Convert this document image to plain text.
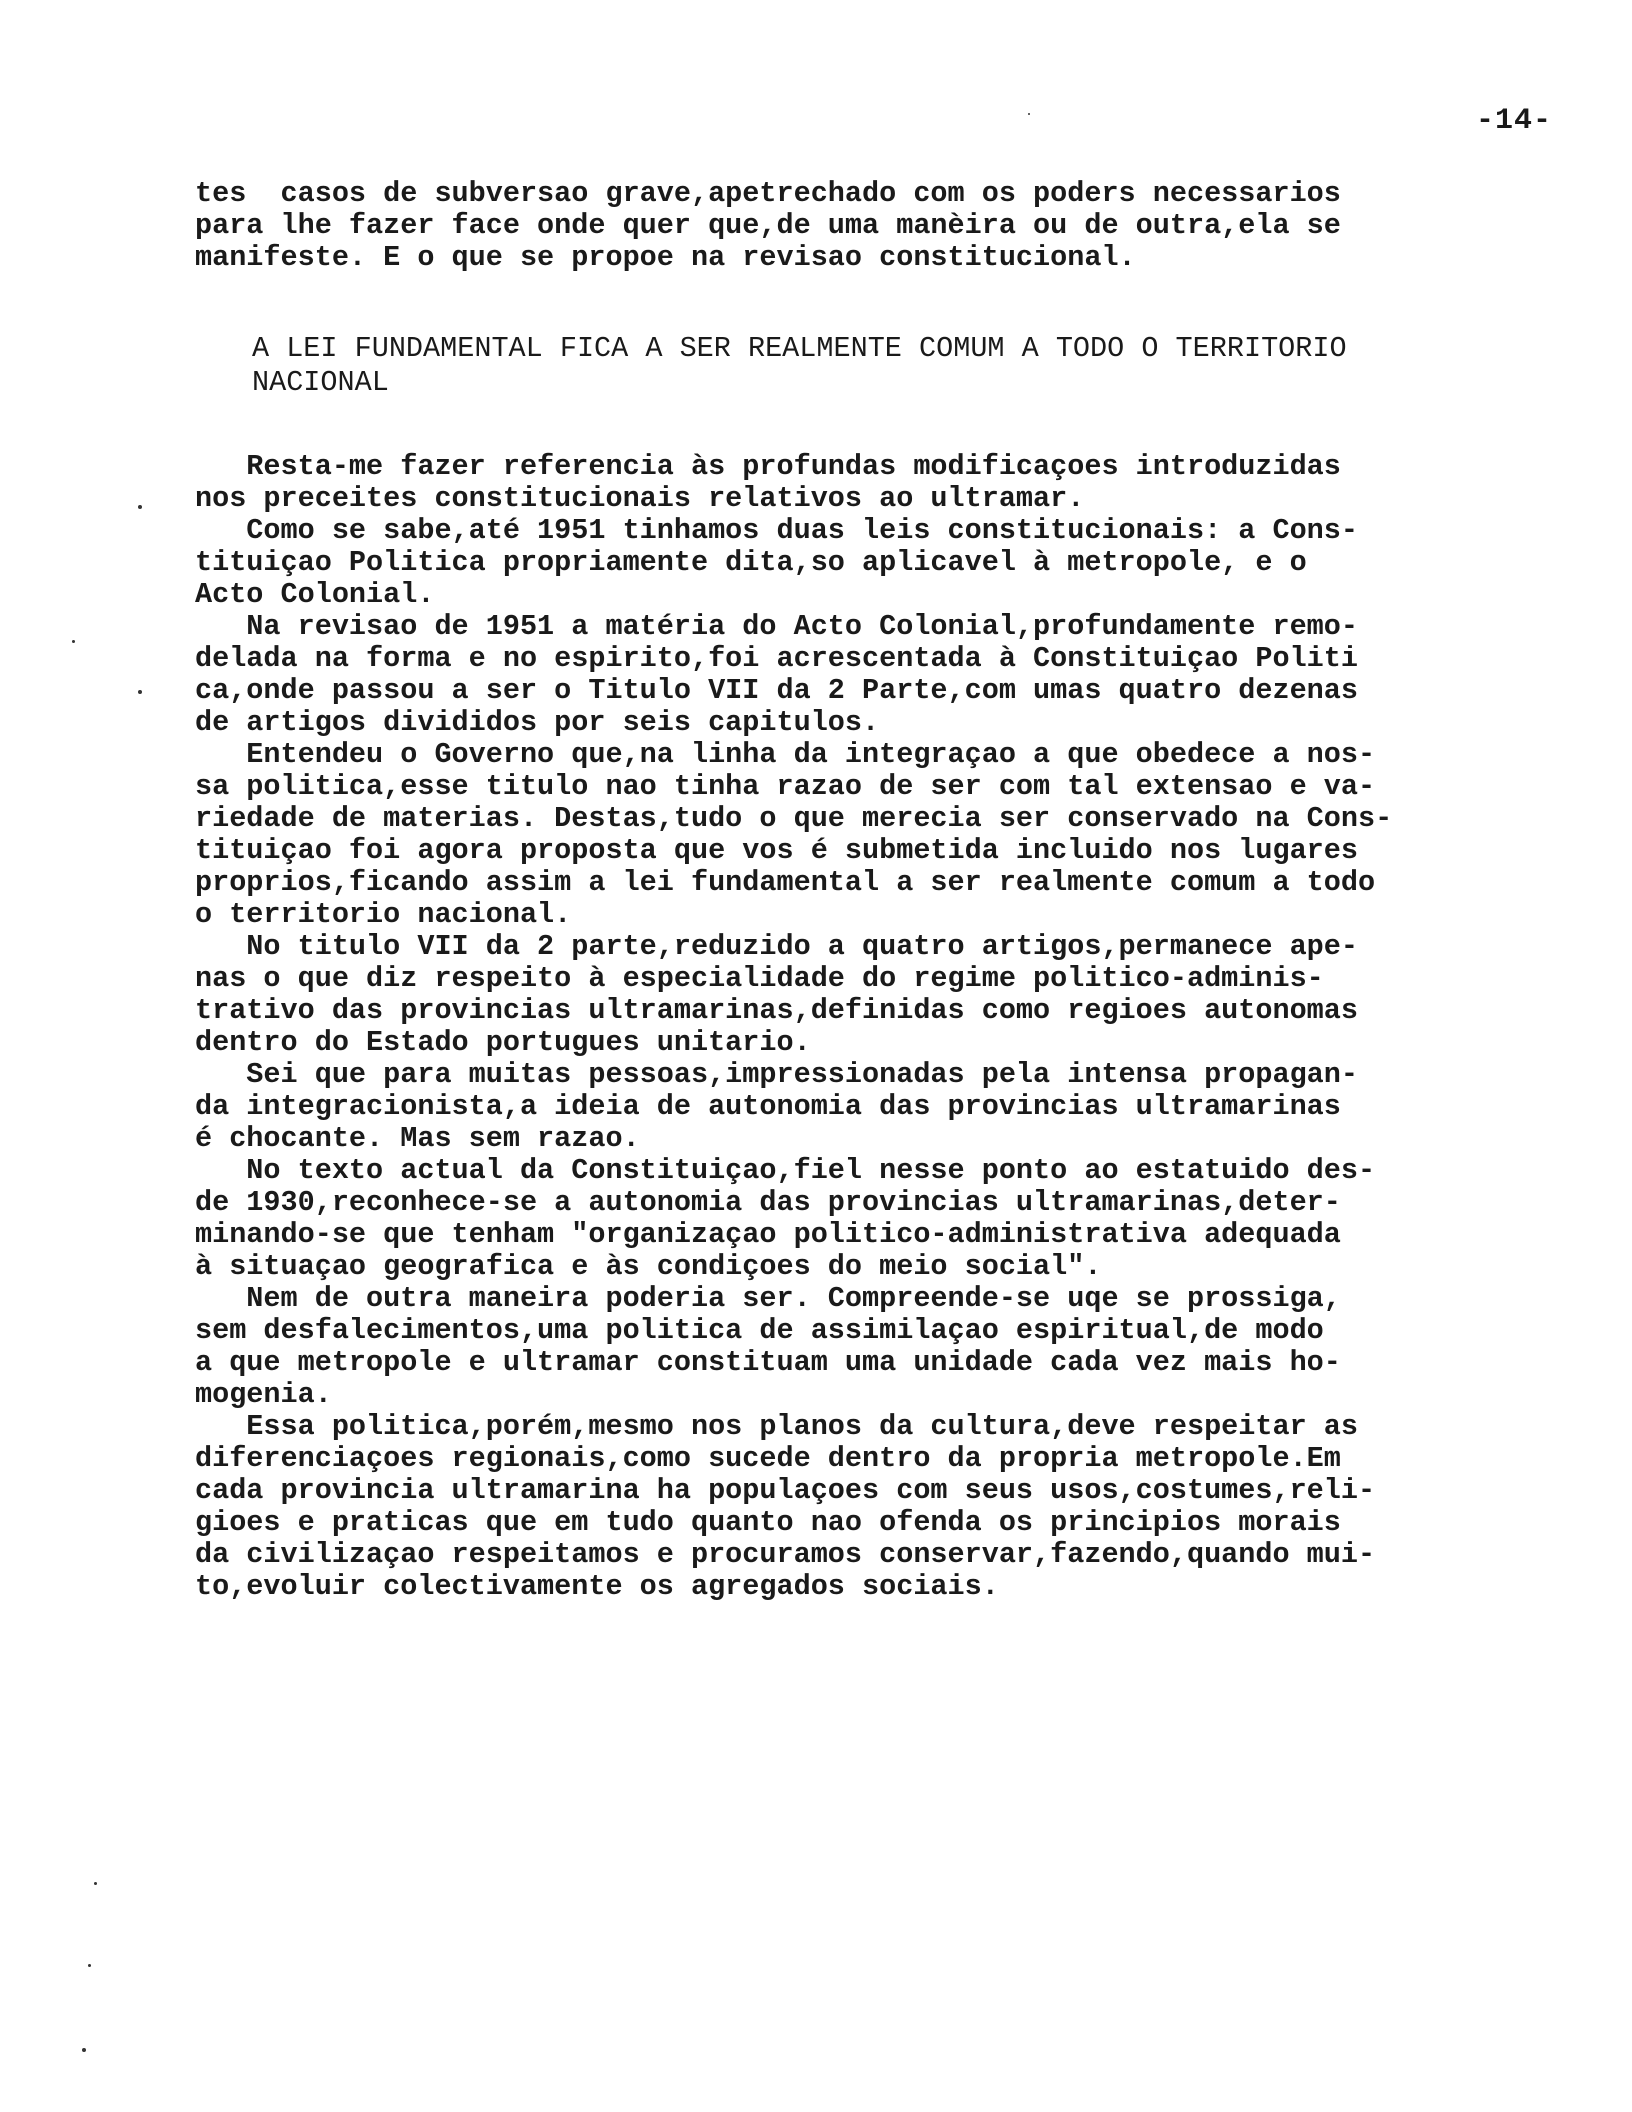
-14-
tes  casos de subversao grave,apetrechado com os poders necessarios
para lhe fazer face onde quer que,de uma manèira ou de outra,ela se
manifeste. E o que se propoe na revisao constitucional.
A LEI FUNDAMENTAL FICA A SER REALMENTE COMUM A TODO O TERRITORIO
NACIONAL
Resta-me fazer referencia às profundas modificaçoes introduzidas
nos preceites constitucionais relativos ao ultramar.
Como se sabe,até 1951 tinhamos duas leis constitucionais: a Cons-
tituiçao Politica propriamente dita,so aplicavel à metropole, e o
Acto Colonial.
Na revisao de 1951 a matéria do Acto Colonial,profundamente remo-
delada na forma e no espirito,foi acrescentada à Constituiçao Politi
ca,onde passou a ser o Titulo VII da 2 Parte,com umas quatro dezenas
de artigos divididos por seis capitulos.
Entendeu o Governo que,na linha da integraçao a que obedece a nos-
sa politica,esse titulo nao tinha razao de ser com tal extensao e va-
riedade de materias. Destas,tudo o que merecia ser conservado na Cons-
tituiçao foi agora proposta que vos é submetida incluido nos lugares
proprios,ficando assim a lei fundamental a ser realmente comum a todo
o territorio nacional.
No titulo VII da 2 parte,reduzido a quatro artigos,permanece ape-
nas o que diz respeito à especialidade do regime politico-adminis-
trativo das provincias ultramarinas,definidas como regioes autonomas
dentro do Estado portugues unitario.
Sei que para muitas pessoas,impressionadas pela intensa propagan-
da integracionista,a ideia de autonomia das provincias ultramarinas
é chocante. Mas sem razao.
No texto actual da Constituiçao,fiel nesse ponto ao estatuido des-
de 1930,reconhece-se a autonomia das provincias ultramarinas,deter-
minando-se que tenham "organizaçao politico-administrativa adequada
à situaçao geografica e às condiçoes do meio social".
Nem de outra maneira poderia ser. Compreende-se uqe se prossiga,
sem desfalecimentos,uma politica de assimilaçao espiritual,de modo
a que metropole e ultramar constituam uma unidade cada vez mais ho-
mogenia.
Essa politica,porém,mesmo nos planos da cultura,deve respeitar as
diferenciaçoes regionais,como sucede dentro da propria metropole.Em
cada provincia ultramarina ha populaçoes com seus usos,costumes,reli-
gioes e praticas que em tudo quanto nao ofenda os principios morais
da civilizaçao respeitamos e procuramos conservar,fazendo,quando mui-
to,evoluir colectivamente os agregados sociais.
